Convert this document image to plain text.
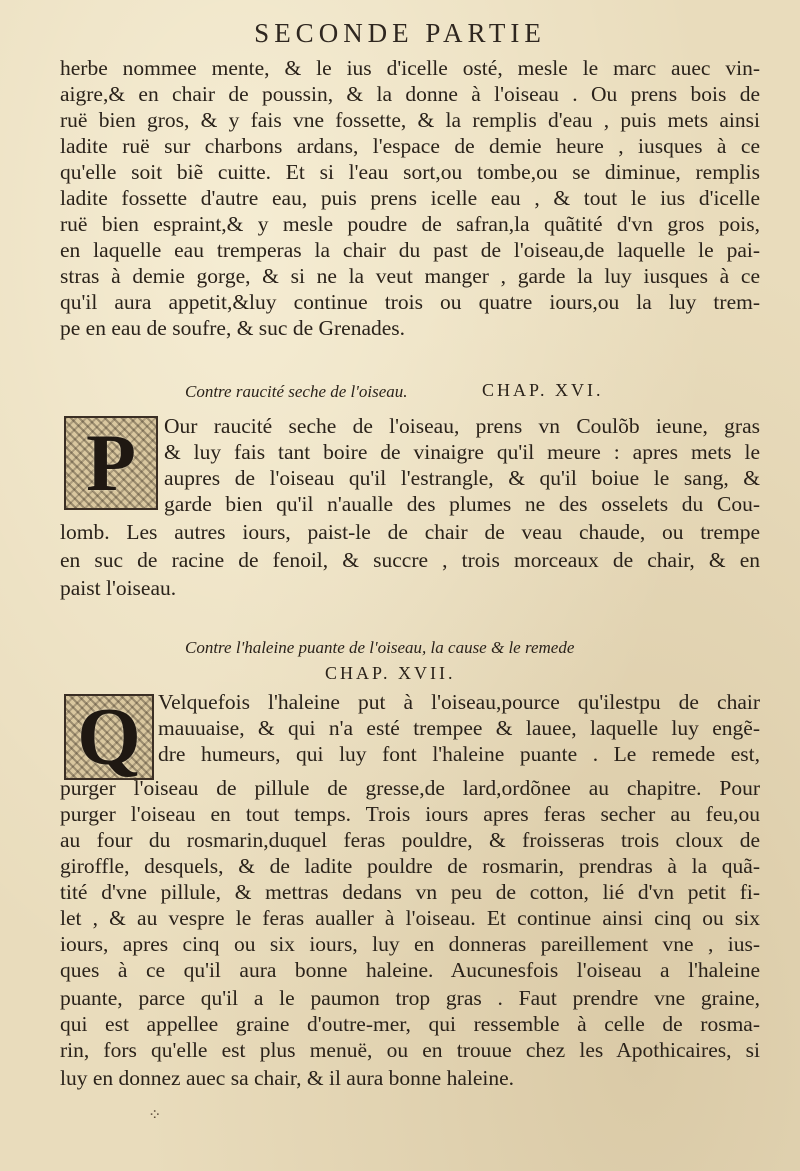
SECONDE PARTIE
herbe nommee mente, & le ius d'icelle osté, mesle le marc auec vin-
aigre,& en chair de poussin, & la donne à l'oiseau . Ou prens bois de
ruë bien gros, & y fais vne fossette, & la remplis d'eau , puis mets ainsi
ladite ruë sur charbons ardans, l'espace de demie heure , iusques à ce
qu'elle soit biẽ cuitte. Et si l'eau sort,ou tombe,ou se diminue, remplis
ladite fossette d'autre eau, puis prens icelle eau , & tout le ius d'icelle
ruë bien espraint,& y mesle poudre de safran,la quãtité d'vn gros pois,
en laquelle eau tremperas la chair du past de l'oiseau,de laquelle le pai-
stras à demie gorge, & si ne la veut manger , garde la luy iusques à ce
qu'il aura appetit,&luy continue trois ou quatre iours,ou la luy trem-
pe en eau de soufre, & suc de Grenades.
Contre raucité seche de l'oiseau.	CHAP. XVI.
P Our raucité seche de l'oiseau, prens vn Coulõb ieune, gras
& luy fais tant boire de vinaigre qu'il meure : apres mets le
aupres de l'oiseau qu'il l'estrangle, & qu'il boiue le sang, &
garde bien qu'il n'aualle des plumes ne des osselets du Cou-
lomb. Les autres iours, paist-le de chair de veau chaude, ou trempe
en suc de racine de fenoil, & succre , trois morceaux de chair, & en
paist l'oiseau.
Contre l'haleine puante de l'oiseau, la cause & le remede
CHAP. XVII.
Q Velquefois l'haleine put à l'oiseau,pource qu'ilestpu de chair
mauuaise, & qui n'a esté trempee & lauee, laquelle luy engẽ-
dre humeurs, qui luy font l'haleine puante . Le remede est,
purger l'oiseau de pillule de gresse,de lard,ordõnee au chapitre. Pour
purger l'oiseau en tout temps. Trois iours apres feras secher au feu,ou
au four du rosmarin,duquel feras pouldre, & froisseras trois cloux de
giroffle, desquels, & de ladite pouldre de rosmarin, prendras à la quã-
tité d'vne pillule, & mettras dedans vn peu de cotton, lié d'vn petit fi-
let , & au vespre le feras aualler à l'oiseau. Et continue ainsi cinq ou six
iours, apres cinq ou six iours, luy en donneras pareillement vne , ius-
ques à ce qu'il aura bonne haleine. Aucunesfois l'oiseau a l'haleine
puante, parce qu'il a le paumon trop gras . Faut prendre vne graine,
qui est appellee graine d'outre-mer, qui ressemble à celle de rosma-
rin, fors qu'elle est plus menuë, ou en trouue chez les Apothicaires, si
luy en donnez auec sa chair, & il aura bonne haleine.
⁘
